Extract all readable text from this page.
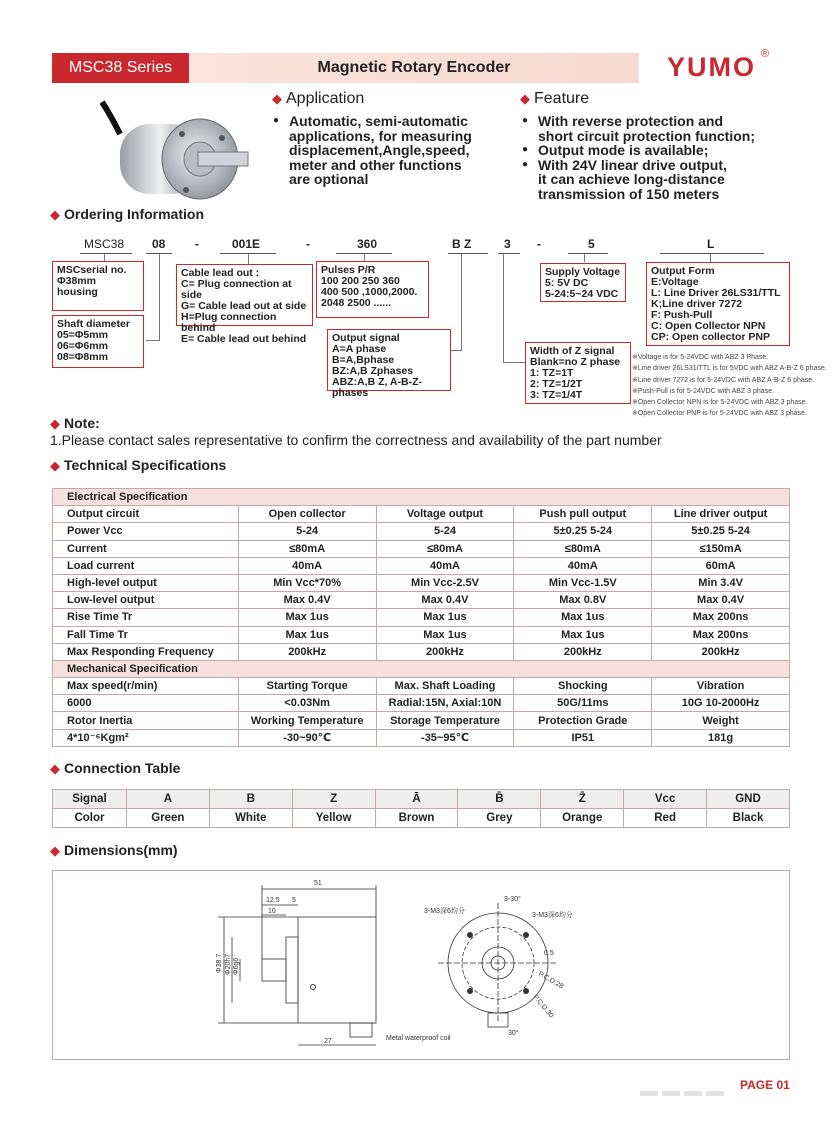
MSC38 Series	Magnetic Rotary Encoder	YUMO ®
◆ Application
● Automatic, semi-automatic
applications, for measuring
displacement,Angle,speed,
meter and other functions
are optional
◆ Feature
● With reverse protection and
short circuit protection function;
● Output mode is available;
● With 24V linear drive output,
it can achieve long-distance
transmission of 150 meters
◆ Ordering Information
MSC38 08 -	001E	-	360	B Z	3 -	5	L
MSCserial no.
Φ38mm
housing
Shaft diameter
05=Φ5mm
06=Φ6mm
08=Φ8mm
Cable lead out :
C= Plug connection at side
G= Cable lead out at side
H=Plug connection behind
E= Cable lead out behind
Pulses P/R
100 200 250 360
400 500 ,1000,2000.
2048 2500 ......
Output signal
A=A phase
B=A,Bphase
BZ:A,B Zphases
ABZ:A,B Z, A-B-Z- phases
Width of Z signal
Blank=no Z phase
1: TZ=1T
2: TZ=1/2T
3: TZ=1/4T
Supply Voltage
5: 5V DC
5-24:5~24 VDC
Output Form
E:Voltage
L: Line Driver 26LS31/TTL
K;Line driver 7272
F: Push-Pull
C: Open Collector NPN
CP: Open collector PNP
※Voltage is for 5-24VDC with ABZ 3 Phase.
※Line driver 26LS31/TTL is for 5VDC with ABZ A-B-Z 6 phase.
※Line driver 7272 is for 5-24VDC with ABZ A-B-Z 6 phase.
※Push-Pull is for 5-24VDC with ABZ 3 phase.
※Open Collector NPN is for 5-24VDC with ABZ 3 phase.
※Open Collector PNP is for 5-24VDC with ABZ 3 phase.
◆ Note:
1.Please contact sales representative to confirm the correctness and availability of the part number
◆ Technical Specifications
Electrical Specification				
Output circuit	Open collector	Voltage output	Push pull output	Line driver output
Power Vcc	5-24	5-24	5±0.25 5-24	5±0.25 5-24
Current	≤80mA	≤80mA	≤80mA	≤150mA
Load current	40mA	40mA	40mA	60mA
High-level output	Min Vcc*70%	Min Vcc-2.5V	Min Vcc-1.5V	Min 3.4V
Low-level output	Max 0.4V	Max 0.4V	Max 0.8V	Max 0.4V
Rise Time Tr	Max 1us	Max 1us	Max 1us	Max 200ns
Fall Time Tr	Max 1us	Max 1us	Max 1us	Max 200ns
Max Responding Frequency	200kHz	200kHz	200kHz	200kHz
Mechanical Specification				
Max speed(r/min)	Starting Torque	Max. Shaft Loading	Shocking	Vibration
6000	<0.03Nm	Radial:15N, Axial:10N	50G/11ms	10G 10-2000Hz
Rotor Inertia	Working Temperature	Storage Temperature	Protection Grade	Weight
4*10⁻⁶Kgm²	-30~90℃	-35~95℃	IP51	181g
◆ Connection Table
Signal	A	B	Z	Ā	B̄	Z̄	Vcc	GND
Color	Green	White	Yellow	Brown	Grey	Orange	Red	Black
◆ Dimensions(mm)
51
12.5 5
10
Φ38.7 Φ20h7 Φ6g6
27	Metal waterproof coil
3-M3深6均分
3-M3深6均分
3-30°
0.5
P.C.D.28
P.C.D.30
30°
PAGE 01
